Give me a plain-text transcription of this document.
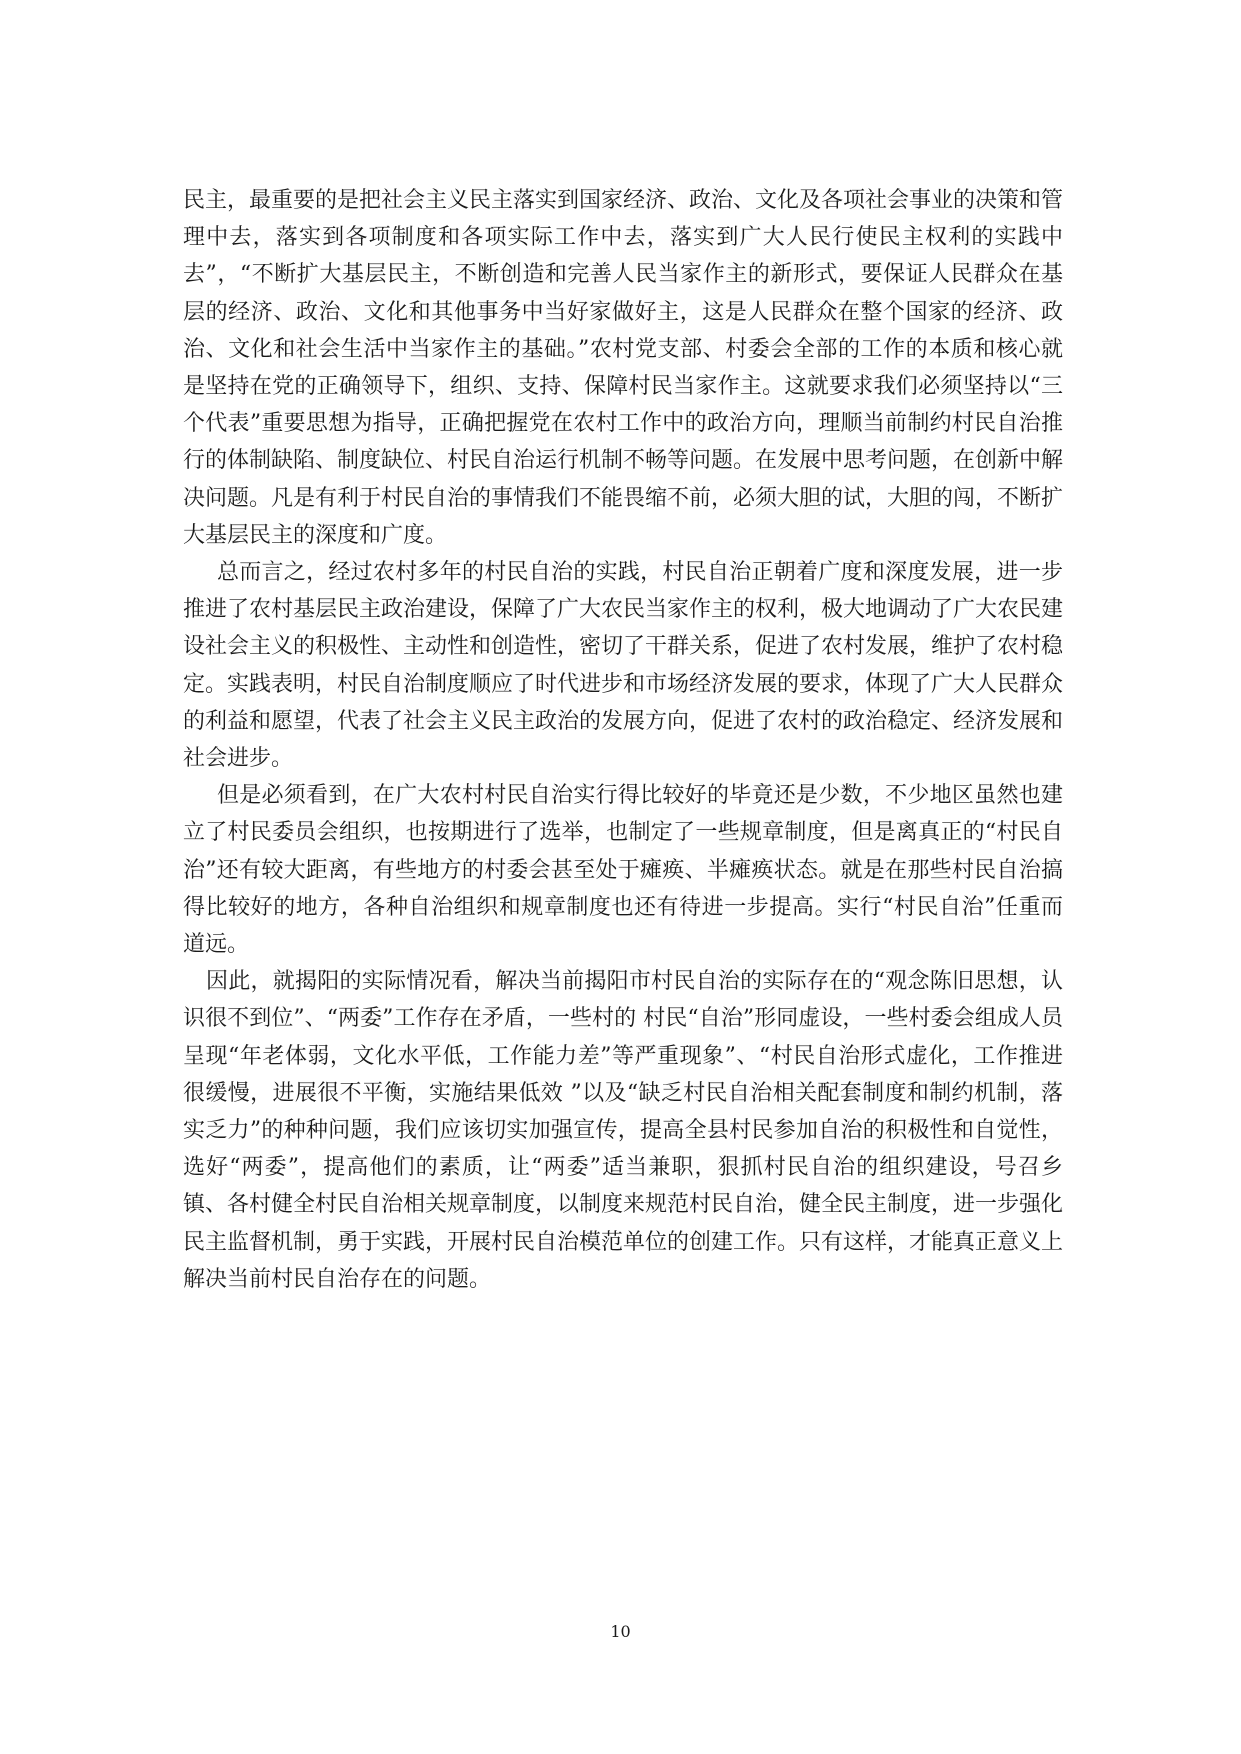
民主，最重要的是把社会主义民主落实到国家经济、政治、文化及各项社会事业的决策和管理中去，落实到各项制度和各项实际工作中去，落实到广大人民行使民主权利的实践中去”，“不断扩大基层民主，不断创造和完善人民当家作主的新形式，要保证人民群众在基层的经济、政治、文化和其他事务中当好家做好主，这是人民群众在整个国家的经济、政治、文化和社会生活中当家作主的基础。”农村党支部、村委会全部的工作的本质和核心就是坚持在党的正确领导下，组织、支持、保障村民当家作主。这就要求我们必须坚持以“三个代表”重要思想为指导，正确把握党在农村工作中的政治方向，理顺当前制约村民自治推行的体制缺陷、制度缺位、村民自治运行机制不畅等问题。在发展中思考问题，在创新中解决问题。凡是有利于村民自治的事情我们不能畏缩不前，必须大胆的试，大胆的闯，不断扩大基层民主的深度和广度。

总而言之，经过农村多年的村民自治的实践，村民自治正朝着广度和深度发展，进一步推进了农村基层民主政治建设，保障了广大农民当家作主的权利，极大地调动了广大农民建设社会主义的积极性、主动性和创造性，密切了干群关系，促进了农村发展，维护了农村稳定。实践表明，村民自治制度顺应了时代进步和市场经济发展的要求，体现了广大人民群众的利益和愿望，代表了社会主义民主政治的发展方向，促进了农村的政治稳定、经济发展和社会进步。

但是必须看到，在广大农村村民自治实行得比较好的毕竟还是少数，不少地区虽然也建立了村民委员会组织，也按期进行了选举，也制定了一些规章制度，但是离真正的“村民自治”还有较大距离，有些地方的村委会甚至处于瘫痪、半瘫痪状态。就是在那些村民自治搞得比较好的地方，各种自治组织和规章制度也还有待进一步提高。实行“村民自治”任重而道远。

因此，就揭阳的实际情况看，解决当前揭阳市村民自治的实际存在的“观念陈旧思想，认识很不到位”、“两委”工作存在矛盾，一些村的 村民“自治”形同虚设，一些村委会组成人员呈现“年老体弱，文化水平低，工作能力差”等严重现象”、“村民自治形式虚化，工作推进很缓慢，进展很不平衡，实施结果低效 ”以及“缺乏村民自治相关配套制度和制约机制，落实乏力”的种种问题，我们应该切实加强宣传，提高全县村民参加自治的积极性和自觉性，选好“两委”，提高他们的素质，让“两委”适当兼职，狠抓村民自治的组织建设，号召乡镇、各村健全村民自治相关规章制度，以制度来规范村民自治，健全民主制度，进一步强化民主监督机制，勇于实践，开展村民自治模范单位的创建工作。只有这样，才能真正意义上解决当前村民自治存在的问题。

10
